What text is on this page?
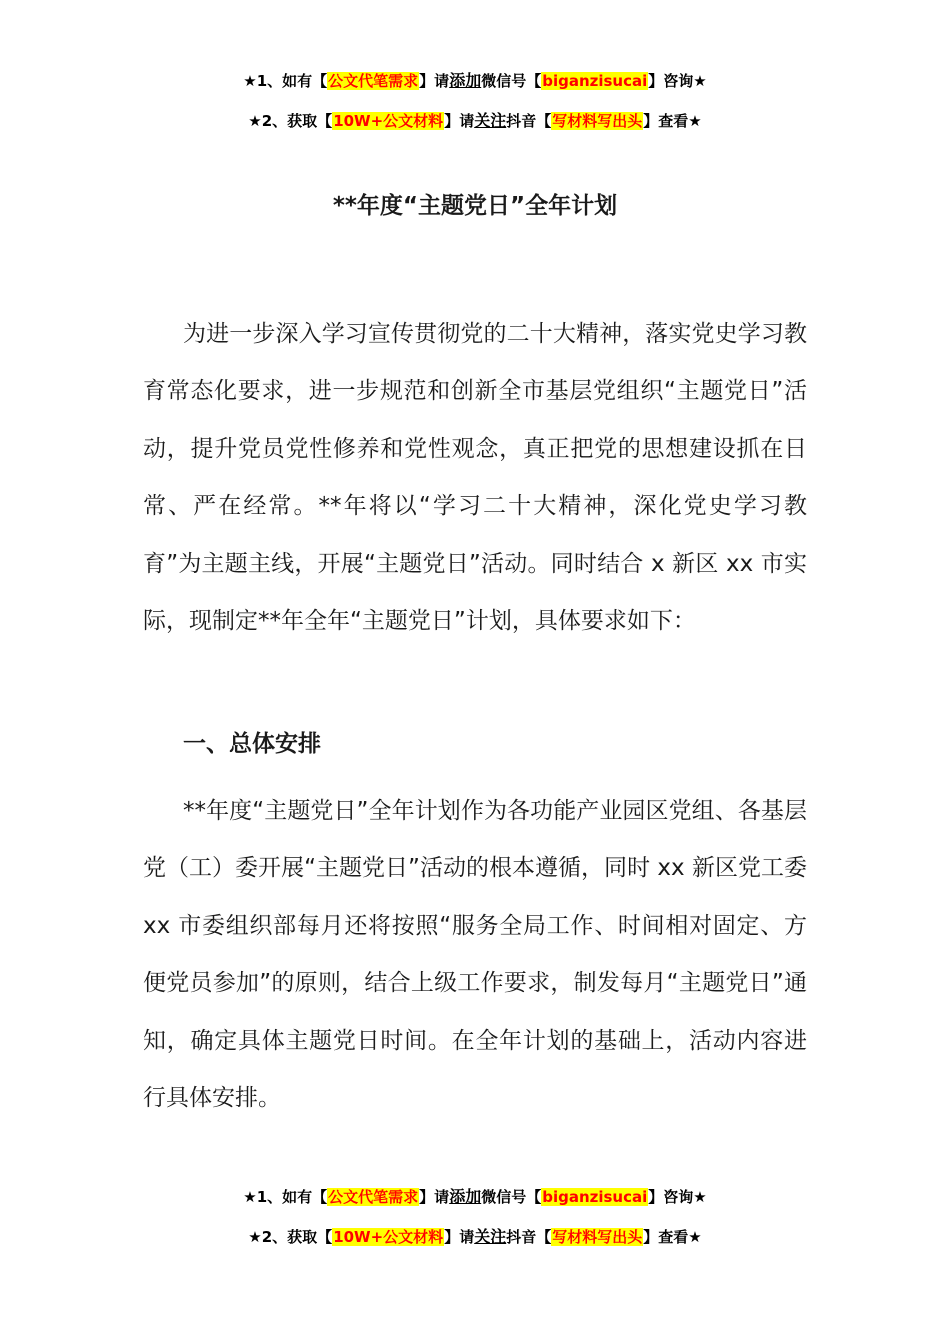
★1、如有【公文代笔需求】请添加微信号【biganzisucai】咨询★
★2、获取【10W+公文材料】请关注抖音【写材料写出头】查看★
**年度“主题党日”全年计划

为进一步深入学习宣传贯彻党的二十大精神，落实党史学习教育常态化要求，进一步规范和创新全市基层党组织“主题党日”活动，提升党员党性修养和党性观念，真正把党的思想建设抓在日常、严在经常。**年将以“学习二十大精神，深化党史学习教育”为主题主线，开展“主题党日”活动。同时结合 x 新区 xx 市实际，现制定**年全年“主题党日”计划，具体要求如下：

一、总体安排

**年度“主题党日”全年计划作为各功能产业园区党组、各基层党（工）委开展“主题党日”活动的根本遵循，同时 xx 新区党工委 xx 市委组织部每月还将按照“服务全局工作、时间相对固定、方便党员参加”的原则，结合上级工作要求，制发每月“主题党日”通知，确定具体主题党日时间。在全年计划的基础上，活动内容进行具体安排。

★1、如有【公文代笔需求】请添加微信号【biganzisucai】咨询★
★2、获取【10W+公文材料】请关注抖音【写材料写出头】查看★
